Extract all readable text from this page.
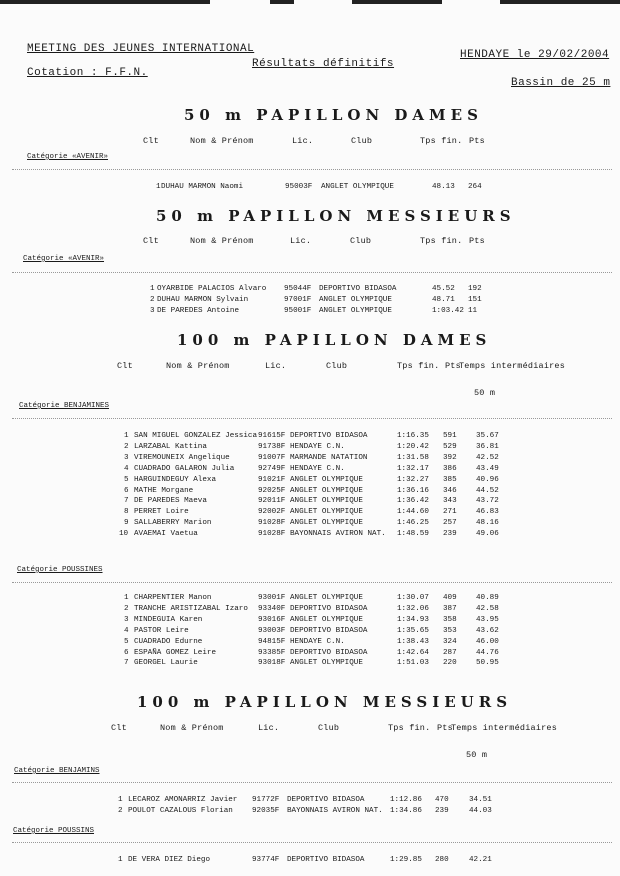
MEETING DES JEUNES INTERNATIONAL	HENDAYE le 29/02/2004
Résultats définitifs
Cotation : F.F.N.
Bassin de 25 m
50 m PAPILLON DAMES
Clt	Nom & Prénom	Lic.	Club	Tps fin. Pts
Catégorie «AVENIR»
1 DUHAU MARMON Naomi	95003F ANGLET OLYMPIQUE	48.13 264
50 m PAPILLON MESSIEURS
Clt	Nom & Prénom	Lic.	Club	Tps fin. Pts
Catégorie «AVENIR»
1 OYARBIDE PALACIOS Alvaro 95044F DEPORTIVO BIDASOA	45.52 192
2 DUHAU MARMON Sylvain	97001F ANGLET OLYMPIQUE	48.71 151
3 DE PAREDES Antoine	95001F ANGLET OLYMPIQUE	1:03.42 11
100 m PAPILLON DAMES
Clt	Nom & Prénom	Lic.	Club	Tps fin. Pts
Temps intermédiaires
50 m
Catégorie BENJAMINES
1 SAN MIGUEL GONZALEZ Jessica 91615F DEPORTIVO BIDASOA	1:16.35 591	35.67
2 LARZABAL Kattina	91738F HENDAYE C.N.	1:20.42 529	36.81
3 VIREMOUNEIX Angelique	91007F MARMANDE NATATION	1:31.58 392	42.52
4 CUADRADO GALARON Julia	92749F HENDAYE C.N.	1:32.17 386	43.49
5 HARGUINDEGUY Alexa	91021F ANGLET OLYMPIQUE	1:32.27 385	40.96
6 MATHE Morgane	92025F ANGLET OLYMPIQUE	1:36.16 346	44.52
7 DE PAREDES Maeva	92011F ANGLET OLYMPIQUE	1:36.42 343	43.72
8 PERRET Loire	92002F ANGLET OLYMPIQUE	1:44.60 271	46.83
9 SALLABERRY Marion	91028F ANGLET OLYMPIQUE	1:46.25 257	48.16
10 AVAEMAI Vaetua	91028F BAYONNAIS AVIRON NAT. 1:48.59 239	49.06
Catégorie POUSSINES
1 CHARPENTIER Manon	93001F ANGLET OLYMPIQUE	1:30.07 409	40.89
2 TRANCHE ARISTIZABAL Izaro 93340F DEPORTIVO BIDASOA	1:32.06 387	42.58
3 MINDEGUIA Karen	93016F ANGLET OLYMPIQUE	1:34.93 358	43.95
4 PASTOR Leire	93003F DEPORTIVO BIDASOA	1:35.65 353	43.62
5 CUADRADO Edurne	94815F HENDAYE C.N.	1:38.43 324	46.00
6 ESPAÑA GOMEZ Leire	93385F DEPORTIVO BIDASOA	1:42.64 287	44.76
7 GEORGEL Laurie	93018F ANGLET OLYMPIQUE	1:51.03 220	50.95
100 m PAPILLON MESSIEURS
Clt	Nom & Prénom	Lic.	Club	Tps fin. Pts
Temps intermédiaires
50 m
Catégorie BENJAMINS
1 LECAROZ AMONARRIZ Javier 91772F DEPORTIVO BIDASOA	1:12.86 470	34.51
2 POULOT CAZALOUS Florian	92035F BAYONNAIS AVIRON NAT. 1:34.86 239	44.03
Catégorie POUSSINS
1 DE VERA DIEZ Diego	93774F DEPORTIVO BIDASOA	1:29.85 280	42.21
